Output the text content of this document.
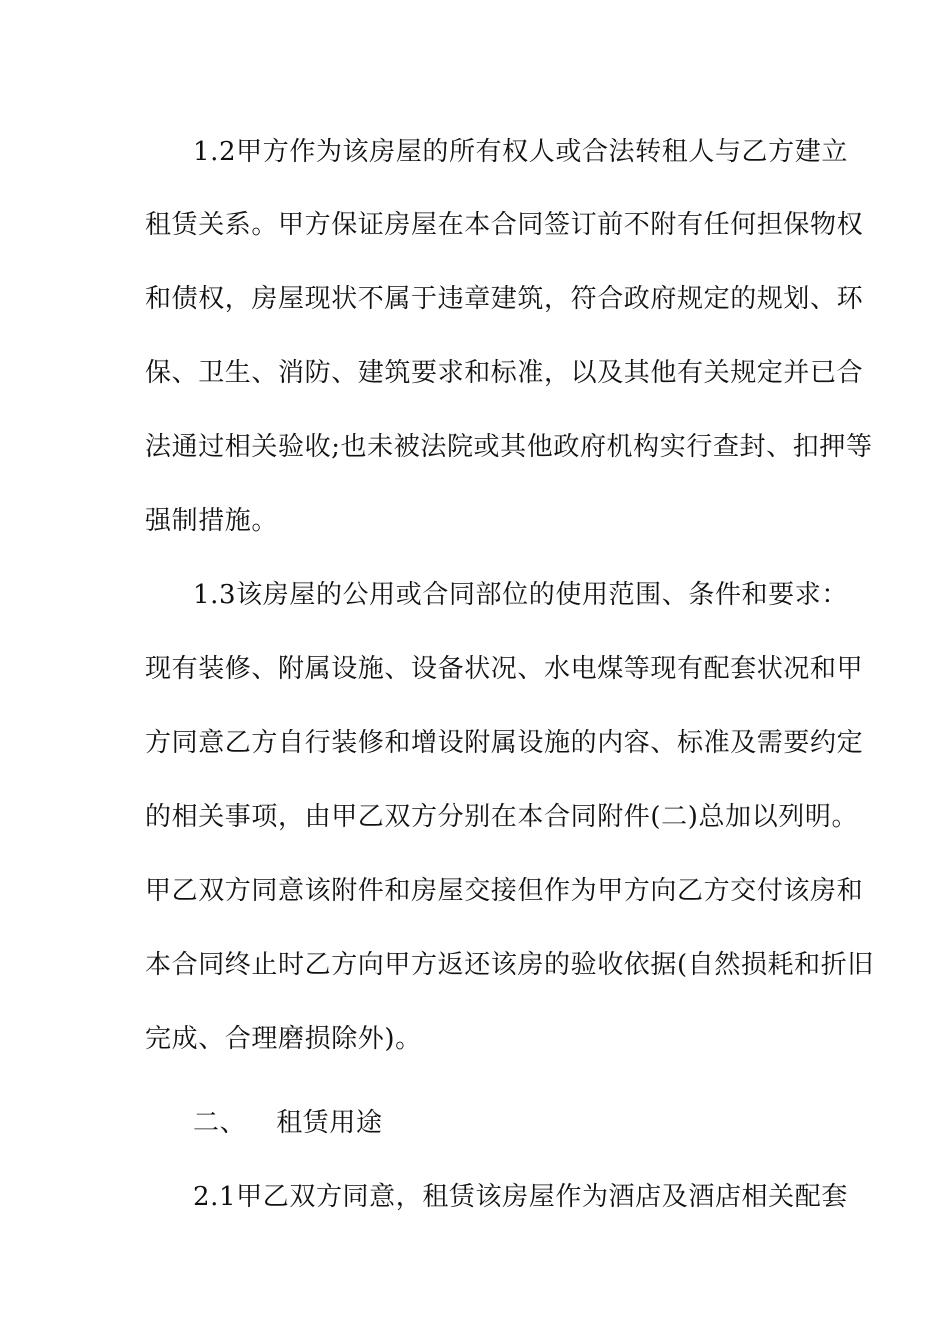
1.2甲方作为该房屋的所有权人或合法转租人与乙方建立

租赁关系。甲方保证房屋在本合同签订前不附有任何担保物权

和债权，房屋现状不属于违章建筑，符合政府规定的规划、环

保、卫生、消防、建筑要求和标准，以及其他有关规定并已合

法通过相关验收;也未被法院或其他政府机构实行查封、扣押等

强制措施。

1.3该房屋的公用或合同部位的使用范围、条件和要求：

现有装修、附属设施、设备状况、水电煤等现有配套状况和甲

方同意乙方自行装修和增设附属设施的内容、标准及需要约定

的相关事项，由甲乙双方分别在本合同附件(二)总加以列明。

甲乙双方同意该附件和房屋交接但作为甲方向乙方交付该房和

本合同终止时乙方向甲方返还该房的验收依据(自然损耗和折旧

完成、合理磨损除外)。

二、 租赁用途

2.1甲乙双方同意，租赁该房屋作为酒店及酒店相关配套
